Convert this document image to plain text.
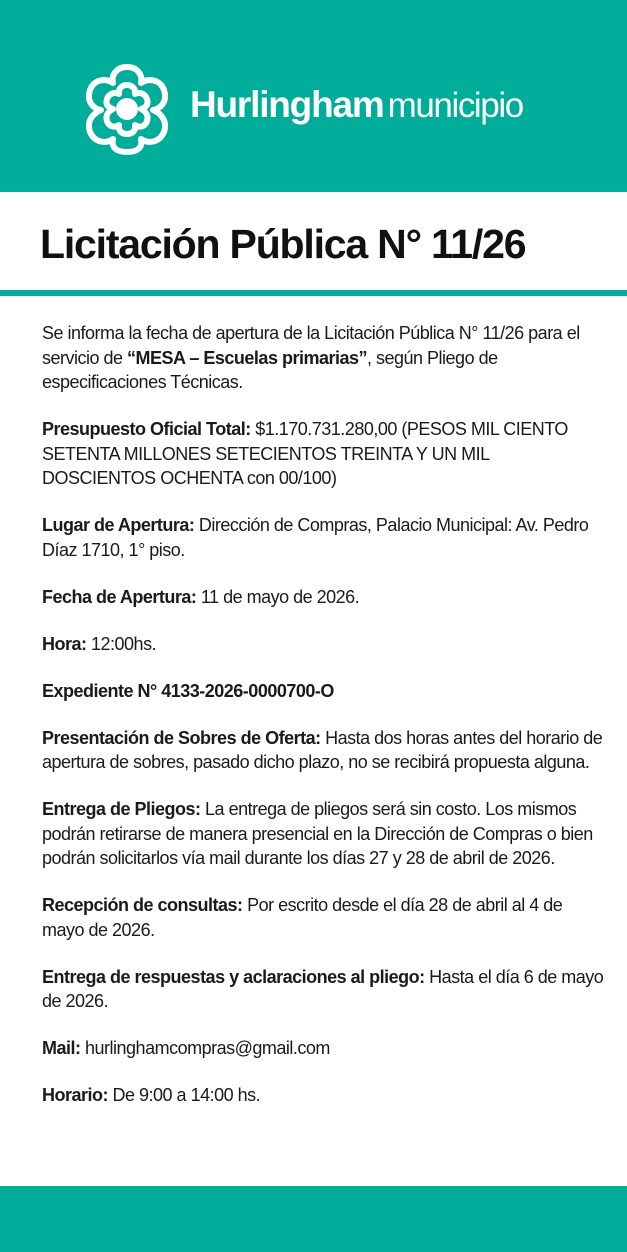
Hurlingham municipio
Licitación Pública N° 11/26

Se informa la fecha de apertura de la Licitación Pública N° 11/26 para el servicio de “MESA – Escuelas primarias”, según Pliego de especificaciones Técnicas.

Presupuesto Oficial Total: $1.170.731.280,00 (PESOS MIL CIENTO SETENTA MILLONES SETECIENTOS TREINTA Y UN MIL DOSCIENTOS OCHENTA con 00/100)

Lugar de Apertura: Dirección de Compras, Palacio Municipal: Av. Pedro Díaz 1710, 1° piso.

Fecha de Apertura: 11 de mayo de 2026.

Hora: 12:00hs.

Expediente N° 4133-2026-0000700-O

Presentación de Sobres de Oferta: Hasta dos horas antes del horario de apertura de sobres, pasado dicho plazo, no se recibirá propuesta alguna.

Entrega de Pliegos: La entrega de pliegos será sin costo. Los mismos podrán retirarse de manera presencial en la Dirección de Compras o bien podrán solicitarlos vía mail durante los días 27 y 28 de abril de 2026.

Recepción de consultas: Por escrito desde el día 28 de abril al 4 de mayo de 2026.

Entrega de respuestas y aclaraciones al pliego: Hasta el día 6 de mayo de 2026.

Mail: hurlinghamcompras@gmail.com

Horario: De 9:00 a 14:00 hs.
